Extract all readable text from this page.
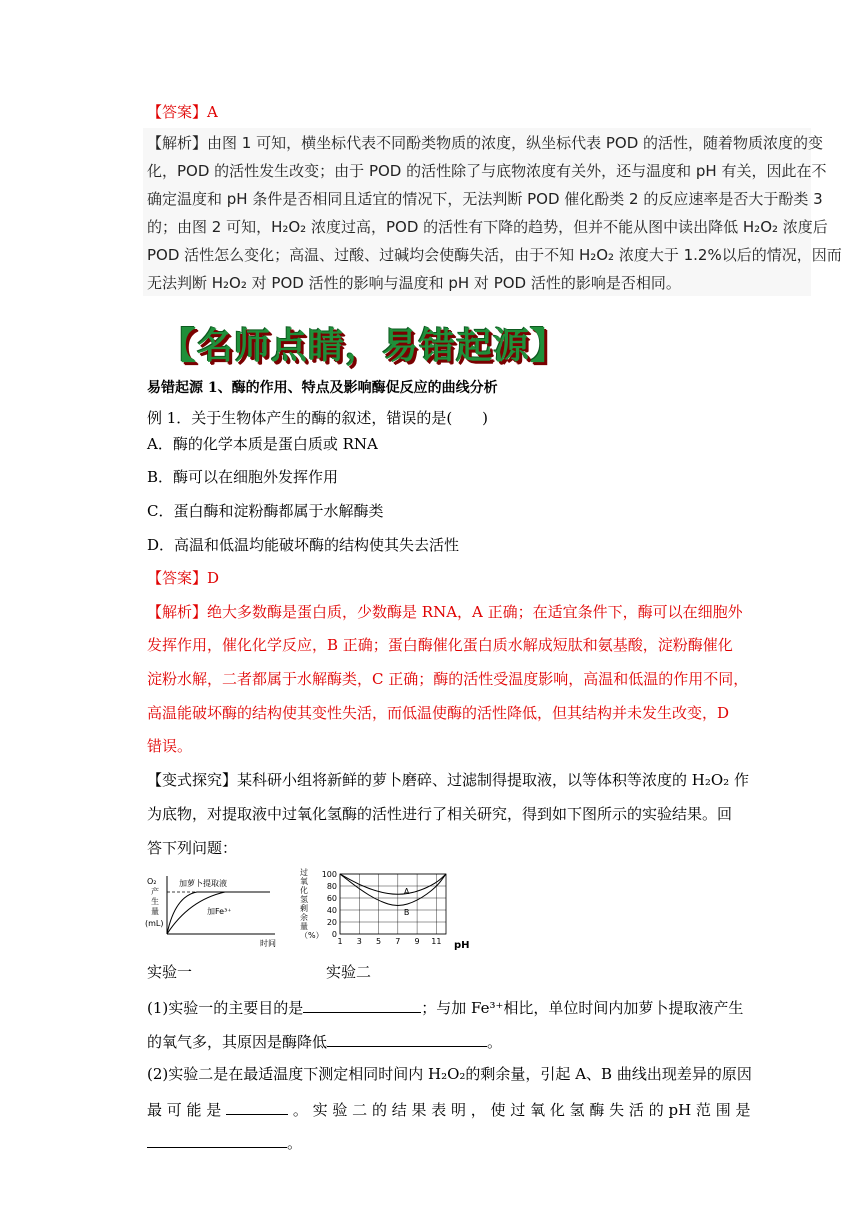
【答案】A
【解析】由图 1 可知，横坐标代表不同酚类物质的浓度，纵坐标代表 POD 的活性，随着物质浓度的变
化，POD 的活性发生改变；由于 POD 的活性除了与底物浓度有关外，还与温度和 pH 有关，因此在不
确定温度和 pH 条件是否相同且适宜的情况下，无法判断 POD 催化酚类 2 的反应速率是否大于酚类 3
的；由图 2 可知，H₂O₂ 浓度过高，POD 的活性有下降的趋势，但并不能从图中读出降低 H₂O₂ 浓度后
POD 活性怎么变化；高温、过酸、过碱均会使酶失活，由于不知 H₂O₂ 浓度大于 1.2%以后的情况，因而
无法判断 H₂O₂ 对 POD 活性的影响与温度和 pH 对 POD 活性的影响是否相同。
【名师点睛，易错起源】
易错起源 1、酶的作用、特点及影响酶促反应的曲线分析
例 1．关于生物体产生的酶的叙述，错误的是(　　)
A．酶的化学本质是蛋白质或 RNA
B．酶可以在细胞外发挥作用
C．蛋白酶和淀粉酶都属于水解酶类
D．高温和低温均能破坏酶的结构使其失去活性
【答案】D
【解析】绝大多数酶是蛋白质，少数酶是 RNA，A 正确；在适宜条件下，酶可以在细胞外
发挥作用，催化化学反应，B 正确；蛋白酶催化蛋白质水解成短肽和氨基酸，淀粉酶催化
淀粉水解，二者都属于水解酶类，C 正确；酶的活性受温度影响，高温和低温的作用不同，
高温能破坏酶的结构使其变性失活，而低温使酶的活性降低，但其结构并未发生改变，D
错误。
【变式探究】某科研小组将新鲜的萝卜磨碎、过滤制得提取液，以等体积等浓度的 H₂O₂ 作
为底物，对提取液中过氧化氢酶的活性进行了相关研究，得到如下图所示的实验结果。回
答下列问题：
O₂
产
生
量
(mL)
加萝卜提取液
加Fe³⁺
时间
过
氧
化
氢
剩
余
量
（%） 0
20
40
60
80
100
1 3 5 7 9 11
A
B
pH
实验一	实验二
(1)实验一的主要目的是	；与加 Fe³⁺相比，单位时间内加萝卜提取液产生
的氧气多，其原因是酶降低	。
(2)实验二是在最适温度下测定相同时间内 H₂O₂的剩余量，引起 A、B 曲线出现差异的原因
最 可 能 是	。 实 验 二 的 结 果 表 明 ， 使 过 氧 化 氢 酶 失 活 的 pH 范 围 是
。
